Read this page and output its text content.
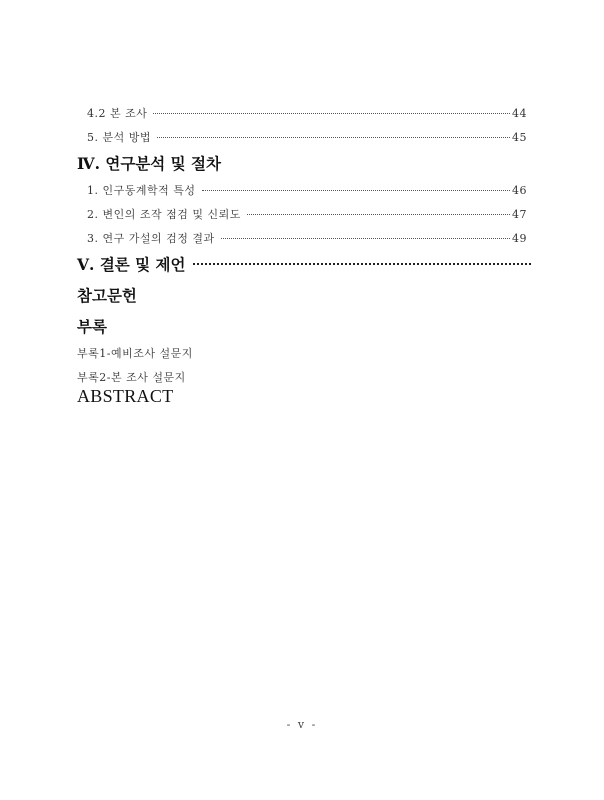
4.2 본 조사	44
5. 분석 방법	45
Ⅳ. 연구분석 및 절차
1. 인구동계학적 특성	46
2. 변인의 조작 점검 및 신뢰도	47
3. 연구 가설의 검정 결과	49
Ⅴ. 결론 및 제언
참고문헌
부록
부록1-예비조사 설문지
부록2-본 조사 설문지
ABSTRACT
- v -
